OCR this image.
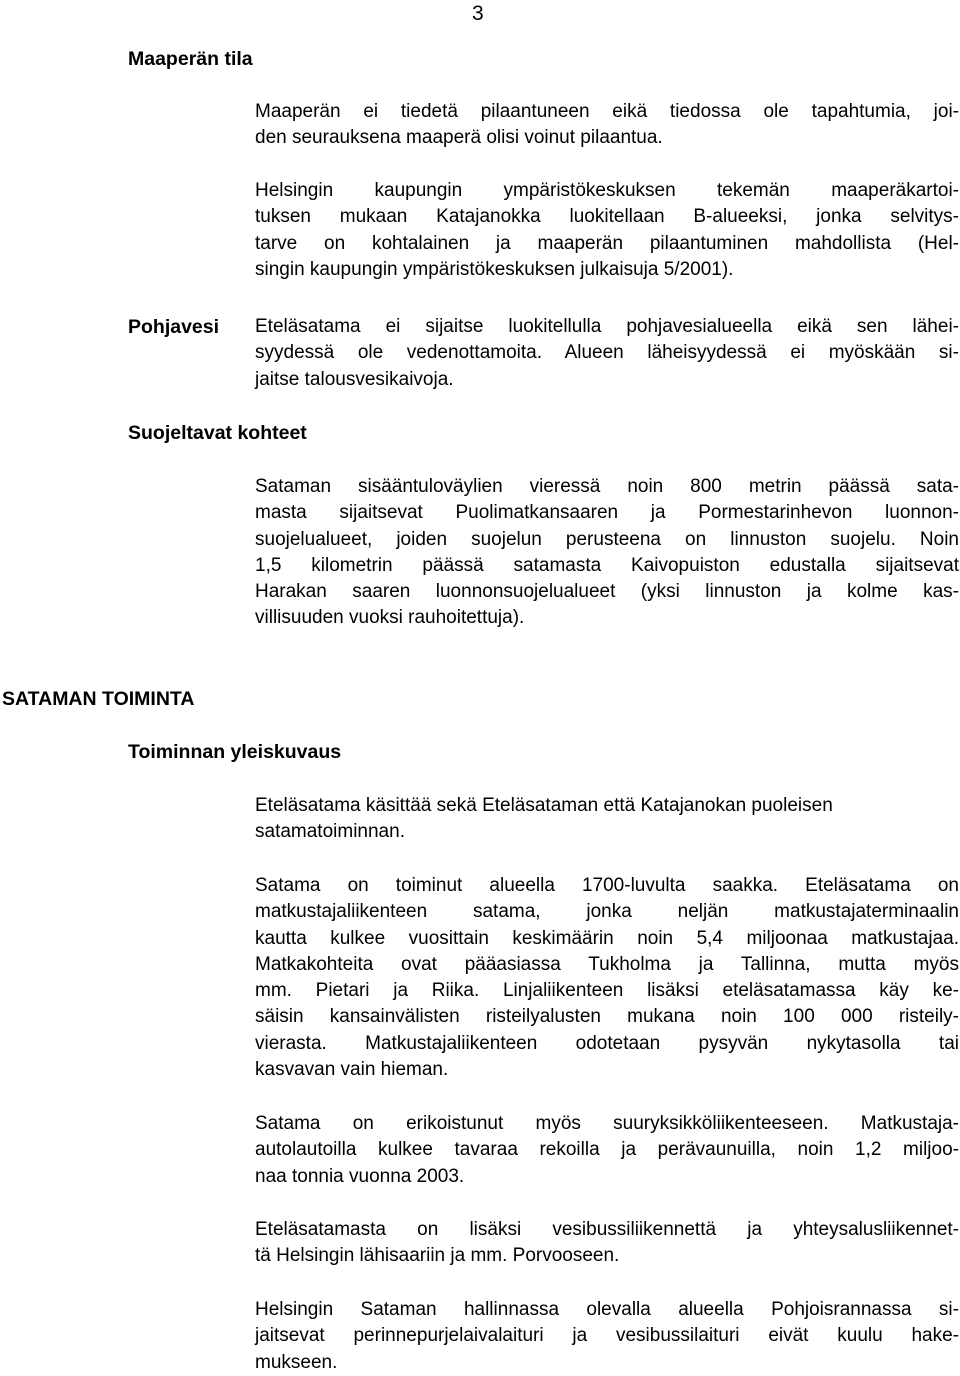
3
Maaperän tila
Maaperän ei tiedetä pilaantuneen eikä tiedossa ole tapahtumia, joi-
den seurauksena maaperä olisi voinut pilaantua.
Helsingin kaupungin ympäristökeskuksen tekemän maaperäkartoi-
tuksen mukaan Katajanokka luokitellaan B-alueeksi, jonka selvitys-
tarve on kohtalainen ja maaperän pilaantuminen mahdollista (Hel-
singin kaupungin ympäristökeskuksen julkaisuja 5/2001).
Pohjavesi Eteläsatama ei sijaitse luokitellulla pohjavesialueella eikä sen lähei-
syydessä ole vedenottamoita. Alueen läheisyydessä ei myöskään si-
jaitse talousvesikaivoja.
Suojeltavat kohteet
Sataman sisääntuloväylien vieressä noin 800 metrin päässä sata-
masta sijaitsevat Puolimatkansaaren ja Pormestarinhevon luonnon-
suojelualueet, joiden suojelun perusteena on linnuston suojelu. Noin
1,5 kilometrin päässä satamasta Kaivopuiston edustalla sijaitsevat
Harakan saaren luonnonsuojelualueet (yksi linnuston ja kolme kas-
villisuuden vuoksi rauhoitettuja).
SATAMAN TOIMINTA
Toiminnan yleiskuvaus
Eteläsatama käsittää sekä Eteläsataman että Katajanokan puoleisen
satamatoiminnan.
Satama on toiminut alueella 1700-luvulta saakka. Eteläsatama on
matkustajaliikenteen satama, jonka neljän matkustajaterminaalin
kautta kulkee vuosittain keskimäärin noin 5,4 miljoonaa matkustajaa.
Matkakohteita ovat pääasiassa Tukholma ja Tallinna, mutta myös
mm. Pietari ja Riika. Linjaliikenteen lisäksi eteläsatamassa käy ke-
säisin kansainvälisten risteilyalusten mukana noin 100 000 risteily-
vierasta. Matkustajaliikenteen odotetaan pysyvän nykytasolla tai
kasvavan vain hieman.
Satama on erikoistunut myös suuryksikköliikenteeseen. Matkustaja-
autolautoilla kulkee tavaraa rekoilla ja perävaunuilla, noin 1,2 miljoo-
naa tonnia vuonna 2003.
Eteläsatamasta on lisäksi vesibussiliikennettä ja yhteysalusliikennet-
tä Helsingin lähisaariin ja mm. Porvooseen.
Helsingin Sataman hallinnassa olevalla alueella Pohjoisrannassa si-
jaitsevat perinnepurjelaivalaituri ja vesibussilaituri eivät kuulu hake-
mukseen.
